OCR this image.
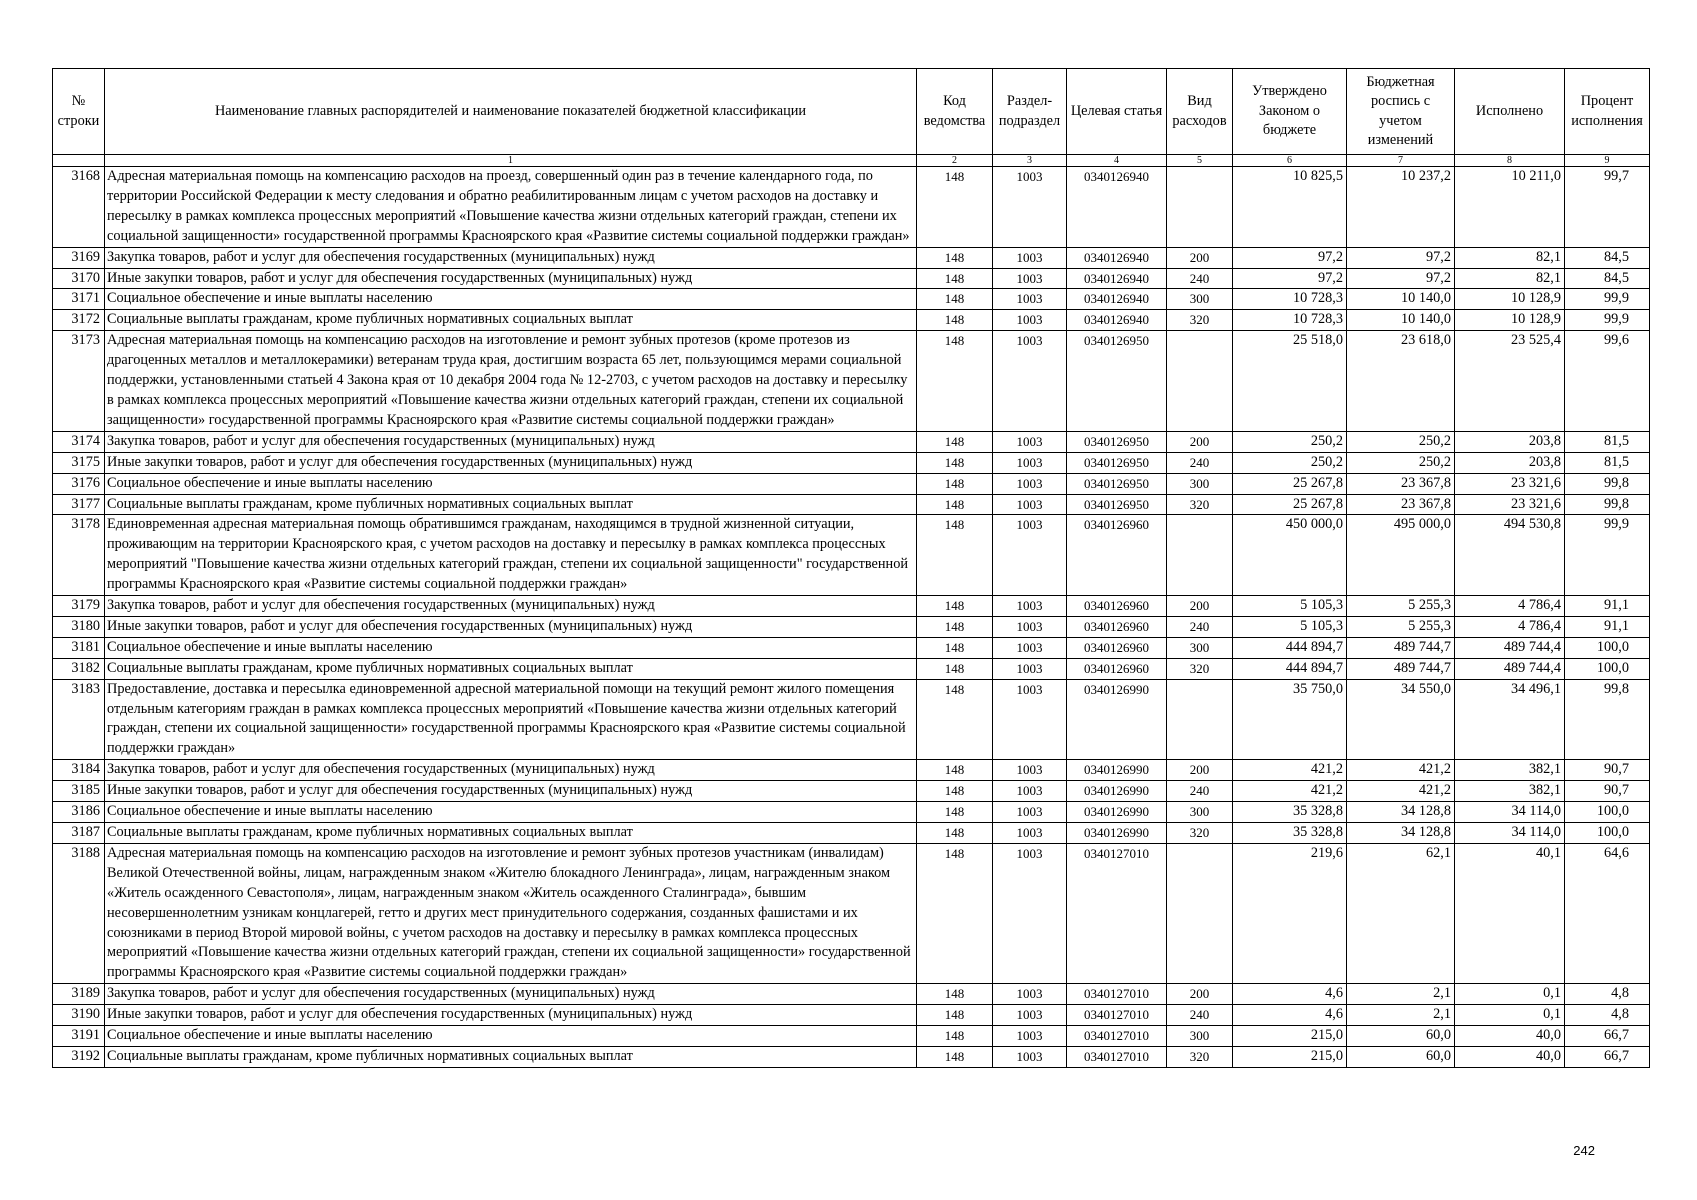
№ строки	Наименование главных распорядителей и наименование показателей бюджетной классификации	Код ведомства	Раздел-подраздел	Целевая статья	Вид расходов	Утверждено Законом о бюджете	Бюджетная роспись с учетом изменений	Исполнено	Процент исполнения
	1	2	3	4	5	6	7	8	9
3168	Адресная материальная помощь на компенсацию расходов на проезд, совершенный один раз в течение календарного года, по территории Российской Федерации к месту следования и обратно реабилитированным лицам с учетом расходов на доставку и пересылку в рамках комплекса процессных мероприятий «Повышение качества жизни отдельных категорий граждан, степени их социальной защищенности» государственной программы Красноярского края «Развитие системы социальной поддержки граждан»	148	1003	0340126940		10 825,5	10 237,2	10 211,0	99,7
3169	Закупка товаров, работ и услуг для обеспечения государственных (муниципальных) нужд	148	1003	0340126940	200	97,2	97,2	82,1	84,5
3170	Иные закупки товаров, работ и услуг для обеспечения государственных (муниципальных) нужд	148	1003	0340126940	240	97,2	97,2	82,1	84,5
3171	Социальное обеспечение и иные выплаты населению	148	1003	0340126940	300	10 728,3	10 140,0	10 128,9	99,9
3172	Социальные выплаты гражданам, кроме публичных нормативных социальных выплат	148	1003	0340126940	320	10 728,3	10 140,0	10 128,9	99,9
3173	Адресная материальная помощь на компенсацию расходов на изготовление и ремонт зубных протезов (кроме протезов из драгоценных металлов и металлокерамики) ветеранам труда края, достигшим возраста 65 лет, пользующимся мерами социальной поддержки, установленными статьей 4 Закона края от 10 декабря 2004 года № 12-2703, с учетом расходов на доставку и пересылку в рамках комплекса процессных мероприятий «Повышение качества жизни отдельных категорий граждан, степени их социальной защищенности» государственной программы Красноярского края «Развитие системы социальной поддержки граждан»	148	1003	0340126950		25 518,0	23 618,0	23 525,4	99,6
3174	Закупка товаров, работ и услуг для обеспечения государственных (муниципальных) нужд	148	1003	0340126950	200	250,2	250,2	203,8	81,5
3175	Иные закупки товаров, работ и услуг для обеспечения государственных (муниципальных) нужд	148	1003	0340126950	240	250,2	250,2	203,8	81,5
3176	Социальное обеспечение и иные выплаты населению	148	1003	0340126950	300	25 267,8	23 367,8	23 321,6	99,8
3177	Социальные выплаты гражданам, кроме публичных нормативных социальных выплат	148	1003	0340126950	320	25 267,8	23 367,8	23 321,6	99,8
3178	Единовременная адресная материальная помощь обратившимся гражданам, находящимся в трудной жизненной ситуации, проживающим на территории Красноярского края, с учетом расходов на доставку и пересылку в рамках комплекса процессных мероприятий "Повышение качества жизни отдельных категорий граждан, степени их социальной защищенности" государственной программы Красноярского края «Развитие системы социальной поддержки граждан»	148	1003	0340126960		450 000,0	495 000,0	494 530,8	99,9
3179	Закупка товаров, работ и услуг для обеспечения государственных (муниципальных) нужд	148	1003	0340126960	200	5 105,3	5 255,3	4 786,4	91,1
3180	Иные закупки товаров, работ и услуг для обеспечения государственных (муниципальных) нужд	148	1003	0340126960	240	5 105,3	5 255,3	4 786,4	91,1
3181	Социальное обеспечение и иные выплаты населению	148	1003	0340126960	300	444 894,7	489 744,7	489 744,4	100,0
3182	Социальные выплаты гражданам, кроме публичных нормативных социальных выплат	148	1003	0340126960	320	444 894,7	489 744,7	489 744,4	100,0
3183	Предоставление, доставка и пересылка единовременной адресной материальной помощи на текущий ремонт жилого помещения отдельным категориям граждан в рамках комплекса процессных мероприятий «Повышение качества жизни отдельных категорий граждан, степени их социальной защищенности» государственной программы Красноярского края «Развитие системы социальной поддержки граждан»	148	1003	0340126990		35 750,0	34 550,0	34 496,1	99,8
3184	Закупка товаров, работ и услуг для обеспечения государственных (муниципальных) нужд	148	1003	0340126990	200	421,2	421,2	382,1	90,7
3185	Иные закупки товаров, работ и услуг для обеспечения государственных (муниципальных) нужд	148	1003	0340126990	240	421,2	421,2	382,1	90,7
3186	Социальное обеспечение и иные выплаты населению	148	1003	0340126990	300	35 328,8	34 128,8	34 114,0	100,0
3187	Социальные выплаты гражданам, кроме публичных нормативных социальных выплат	148	1003	0340126990	320	35 328,8	34 128,8	34 114,0	100,0
3188	Адресная материальная помощь на компенсацию расходов на изготовление и ремонт зубных протезов участникам (инвалидам) Великой Отечественной войны, лицам, награжденным знаком «Жителю блокадного Ленинграда», лицам, награжденным знаком «Житель осажденного Севастополя», лицам, награжденным знаком «Житель осажденного Сталинграда», бывшим несовершеннолетним узникам концлагерей, гетто и других мест принудительного содержания, созданных фашистами и их союзниками в период Второй мировой войны, с учетом расходов на доставку и пересылку в рамках комплекса процессных мероприятий «Повышение качества жизни отдельных категорий граждан, степени их социальной защищенности» государственной программы Красноярского края «Развитие системы социальной поддержки граждан»	148	1003	0340127010		219,6	62,1	40,1	64,6
3189	Закупка товаров, работ и услуг для обеспечения государственных (муниципальных) нужд	148	1003	0340127010	200	4,6	2,1	0,1	4,8
3190	Иные закупки товаров, работ и услуг для обеспечения государственных (муниципальных) нужд	148	1003	0340127010	240	4,6	2,1	0,1	4,8
3191	Социальное обеспечение и иные выплаты населению	148	1003	0340127010	300	215,0	60,0	40,0	66,7
3192	Социальные выплаты гражданам, кроме публичных нормативных социальных выплат	148	1003	0340127010	320	215,0	60,0	40,0	66,7
242
